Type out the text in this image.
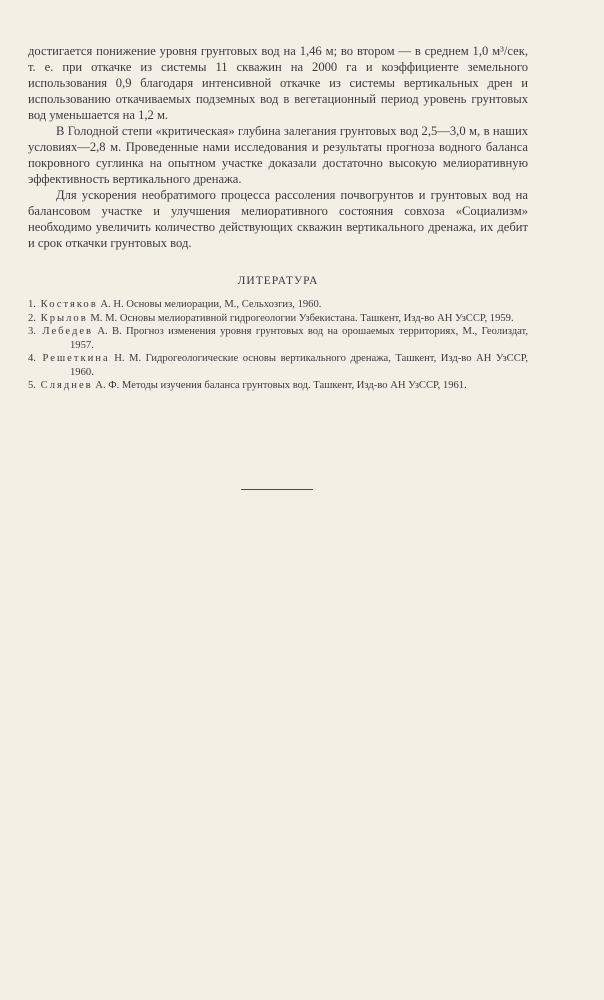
достигается понижение уровня грунтовых вод на 1,46 м; во втором — в среднем 1,0 м³/сек, т. е. при откачке из системы 11 скважин на 2000 га и коэффициенте земельного использования 0,9 благодаря интенсивной откачке из системы вертикальных дрен и использованию откачиваемых подземных вод в вегетационный период уровень грунтовых вод уменьшается на 1,2 м.

В Голодной степи «критическая» глубина залегания грунтовых вод 2,5—3,0 м, в наших условиях—2,8 м. Проведенные нами исследования и результаты прогноза водного баланса покровного суглинка на опытном участке доказали достаточно высокую мелиоративную эффективность вертикального дренажа.

Для ускорения необратимого процесса рассоления почвогрунтов и грунтовых вод на балансовом участке и улучшения мелиоративного состояния совхоза «Социализм» необходимо увеличить количество действующих скважин вертикального дренажа, их дебит и срок откачки грунтовых вод.

ЛИТЕРАТУРА
1. Костяков А. Н. Основы мелиорации, М., Сельхозгиз, 1960.
2. Крылов М. М. Основы мелиоративной гидрогеологии Узбекистана. Ташкент, Изд-во АН УзССР, 1959.
3. Лебедев А. В. Прогноз изменения уровня грунтовых вод на орошаемых территориях, М., Геолиздат, 1957.
4. Решеткина Н. М. Гидрогеологические основы вертикального дренажа, Ташкент, Изд-во АН УзССР, 1960.
5. Сляднев А. Ф. Методы изучения баланса грунтовых вод. Ташкент, Изд-во АН УзССР, 1961.
